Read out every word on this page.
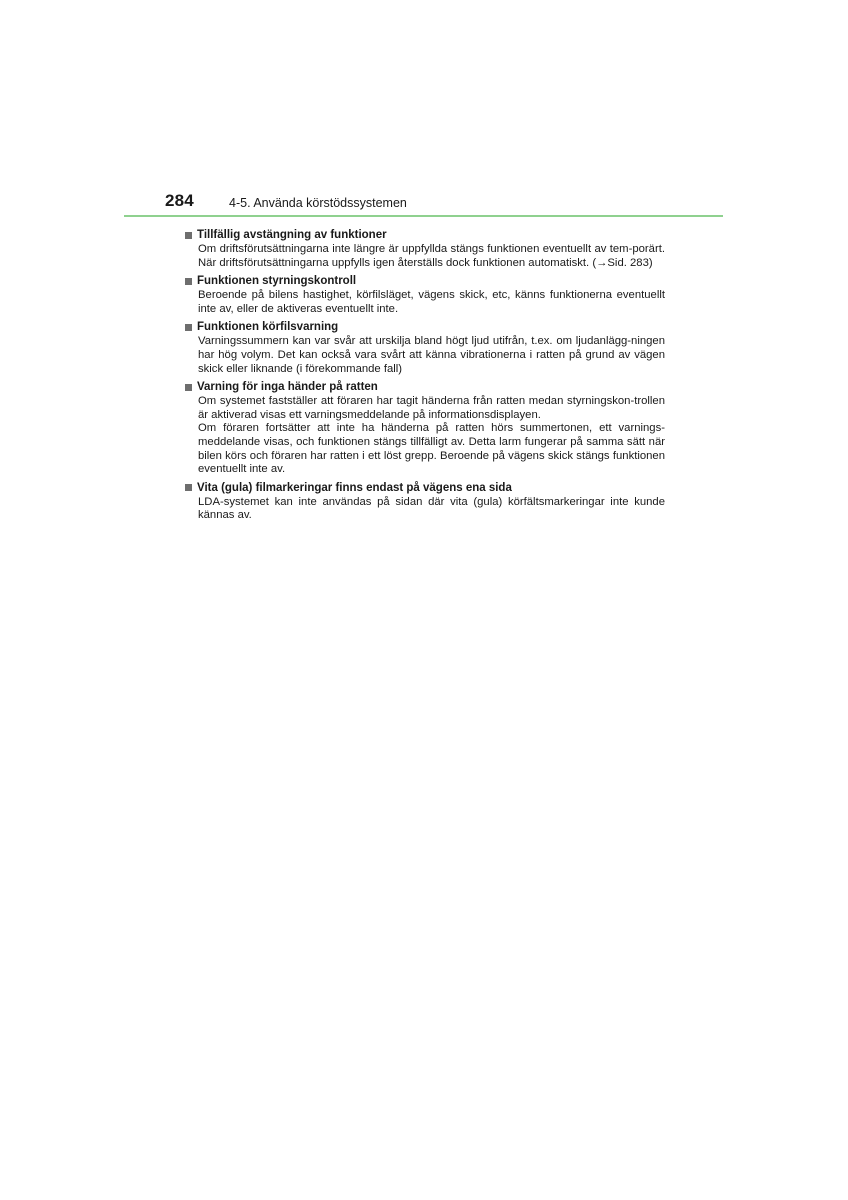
284	4-5. Använda körstödssystemen
Tillfällig avstängning av funktioner

Om driftsförutsättningarna inte längre är uppfyllda stängs funktionen eventuellt av tem-porärt. När driftsförutsättningarna uppfylls igen återställs dock funktionen automatiskt. (→Sid. 283)

Funktionen styrningskontroll

Beroende på bilens hastighet, körfilsläget, vägens skick, etc, känns funktionerna eventuellt inte av, eller de aktiveras eventuellt inte.

Funktionen körfilsvarning

Varningssummern kan var svår att urskilja bland högt ljud utifrån, t.ex. om ljudanlägg-ningen har hög volym. Det kan också vara svårt att känna vibrationerna i ratten på grund av vägen skick eller liknande (i förekommande fall)

Varning för inga händer på ratten

Om systemet fastställer att föraren har tagit händerna från ratten medan styrningskon-trollen är aktiverad visas ett varningsmeddelande på informationsdisplayen.

Om föraren fortsätter att inte ha händerna på ratten hörs summertonen, ett varnings-meddelande visas, och funktionen stängs tillfälligt av. Detta larm fungerar på samma sätt när bilen körs och föraren har ratten i ett löst grepp. Beroende på vägens skick stängs funktionen eventuellt inte av.

Vita (gula) filmarkeringar finns endast på vägens ena sida

LDA-systemet kan inte användas på sidan där vita (gula) körfältsmarkeringar inte kunde kännas av.
